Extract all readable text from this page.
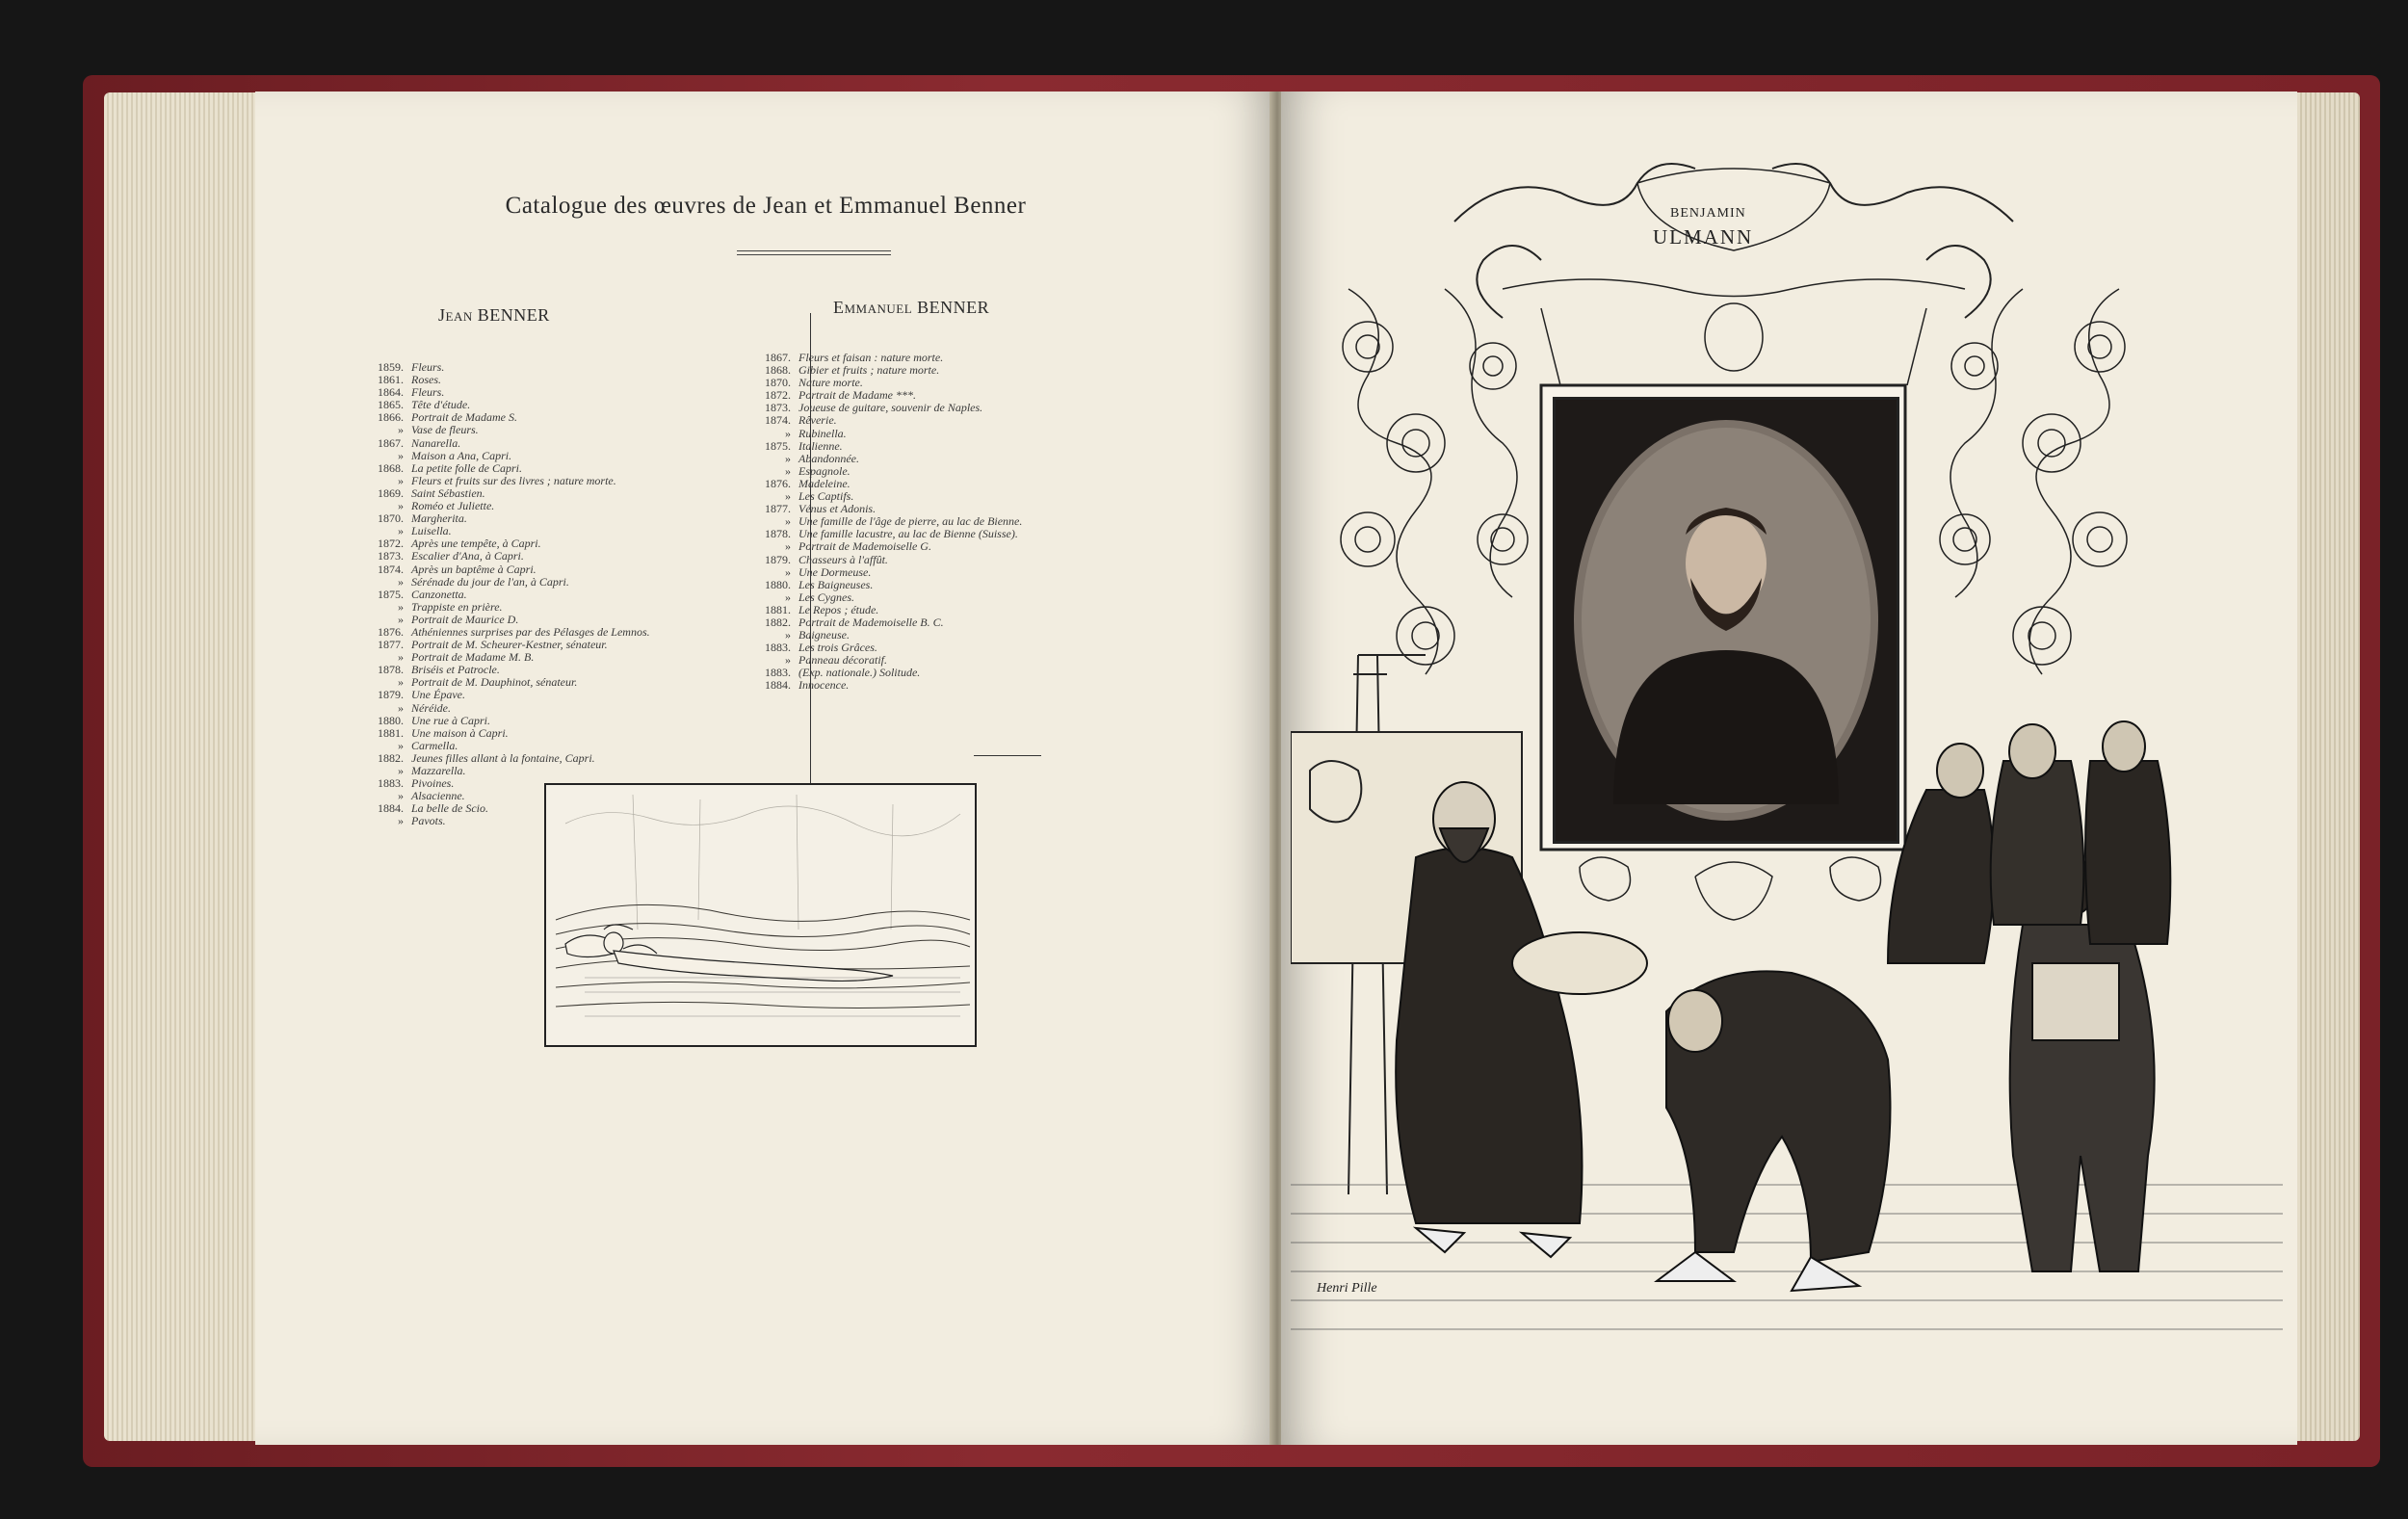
Catalogue des œuvres de Jean et Emmanuel Benner
Jean BENNER	Emmanuel BENNER
1859. Fleurs.
1861. Roses.
1864. Fleurs.
1865. Tête d'étude.
1866. Portrait de Madame S.
» Vase de fleurs.
1867. Nanarella.
» Maison a Ana, Capri.
1868. La petite folle de Capri.
» Fleurs et fruits sur des livres ; nature morte.
1869. Saint Sébastien.
» Roméo et Juliette.
1870. Margherita.
» Luisella.
1872. Après une tempête, à Capri.
1873. Escalier d'Ana, à Capri.
1874. Après un baptême à Capri.
» Sérénade du jour de l'an, à Capri.
1875. Canzonetta.
» Trappiste en prière.
» Portrait de Maurice D.
1876. Athéniennes surprises par des Pélasges de Lemnos.
1877. Portrait de M. Scheurer-Kestner, sénateur.
» Portrait de Madame M. B.
1878. Briséis et Patrocle.
» Portrait de M. Dauphinot, sénateur.
1879. Une Épave.
» Néréide.
1880. Une rue à Capri.
1881. Une maison à Capri.
» Carmella.
1882. Jeunes filles allant à la fontaine, Capri.
» Mazzarella.
1883. Pivoines.
» Alsacienne.
1884. La belle de Scio.
» Pavots.
1867. Fleurs et faisan : nature morte.
1868. Gibier et fruits ; nature morte.
1870. Nature morte.
1872. Portrait de Madame ***.
1873. Joueuse de guitare, souvenir de Naples.
1874. Rêverie.
» Rubinella.
1875. Italienne.
» Abandonnée.
» Espagnole.
1876. Madeleine.
» Les Captifs.
1877. Vénus et Adonis.
» Une famille de l'âge de pierre, au lac de Bienne.
1878. Une famille lacustre, au lac de Bienne (Suisse).
» Portrait de Mademoiselle G.
1879. Chasseurs à l'affût.
» Une Dormeuse.
1880. Les Baigneuses.
» Les Cygnes.
1881. Le Repos ; étude.
1882. Portrait de Mademoiselle B. C.
» Baigneuse.
1883. Les trois Grâces.
» Panneau décoratif.
1883. (Exp. nationale.) Solitude.
1884. Innocence.
BENJAMIN
ULMANN
Henri Pille
